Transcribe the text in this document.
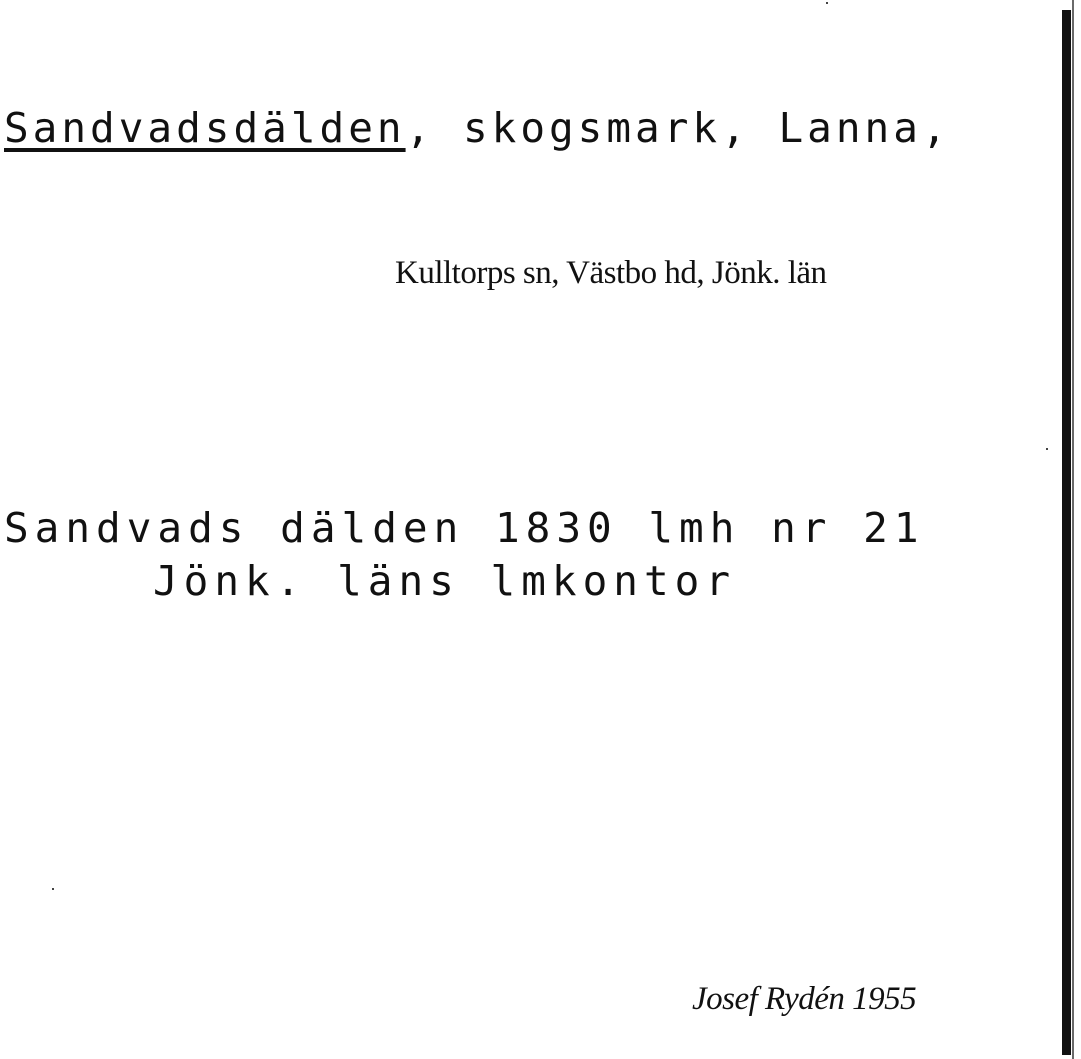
Sandvadsdälden, skogsmark, Lanna,
Kulltorps sn, Västbo hd, Jönk. län
Sandvads dälden 1830 lmh nr 21
Jönk. läns lmkontor
Josef Rydén 1955
